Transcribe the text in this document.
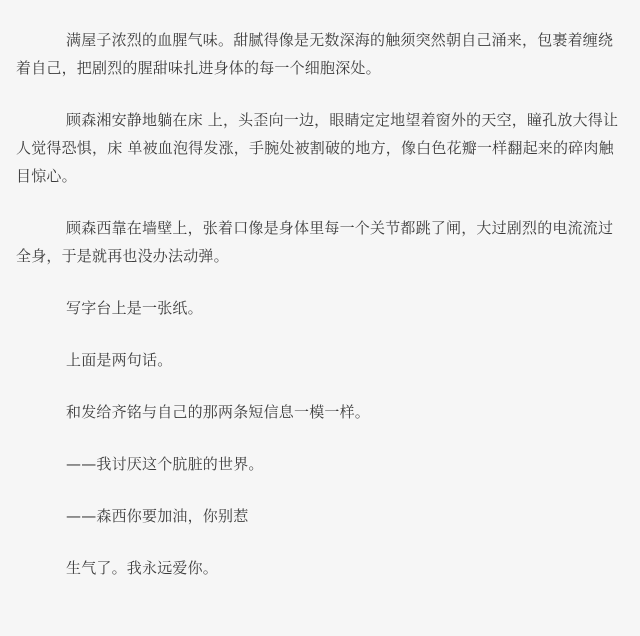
满屋子浓烈的血腥气味。甜腻得像是无数深海的触须突然朝自己涌来，包裹着缠绕着自己，把剧烈的腥甜味扎进身体的每一个细胞深处。

顾森湘安静地躺在床 上，头歪向一边，眼睛定定地望着窗外的天空，瞳孔放大得让人觉得恐惧，床 单被血泡得发涨，手腕处被割破的地方，像白色花瓣一样翻起来的碎肉触目惊心。

顾森西靠在墙壁上，张着口像是身体里每一个关节都跳了闸，大过剧烈的电流流过全身，于是就再也没办法动弹。

写字台上是一张纸。

上面是两句话。

和发给齐铭与自己的那两条短信息一模一样。

——我讨厌这个肮脏的世界。

——森西你要加油，你别惹

生气了。我永远爱你。
